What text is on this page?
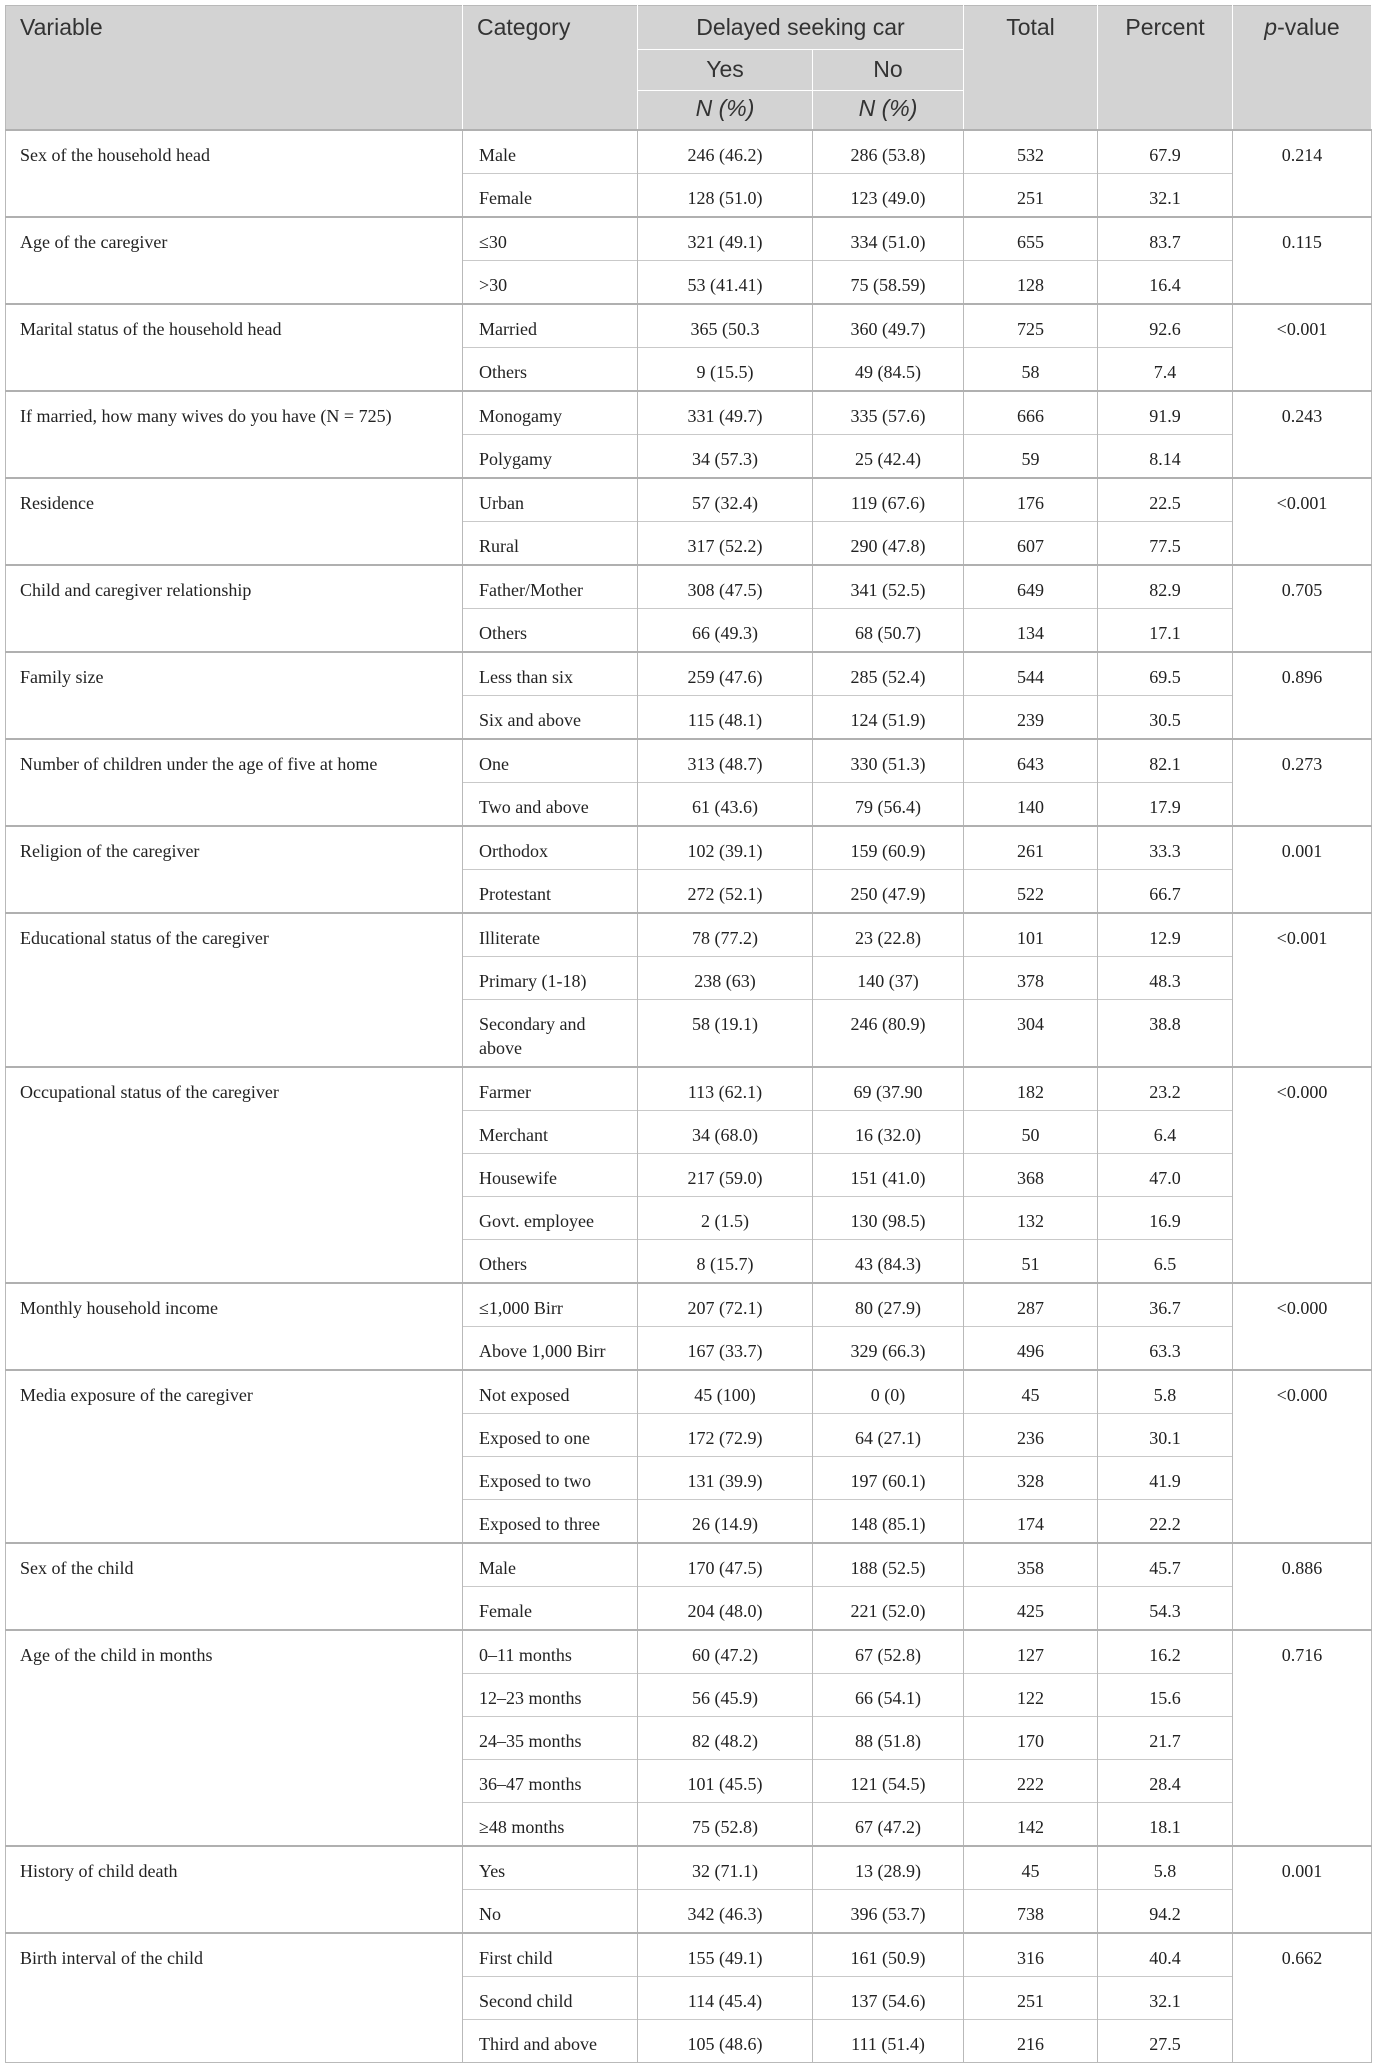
Variable	Category	Delayed seeking car		Total	Percent	p-value
		Yes	No			
		N (%)	N (%)			
Sex of the household head	Male	246 (46.2)	286 (53.8)	532	67.9	0.214
	Female	128 (51.0)	123 (49.0)	251	32.1	
Age of the caregiver	≤30	321 (49.1)	334 (51.0)	655	83.7	0.115
	>30	53 (41.41)	75 (58.59)	128	16.4	
Marital status of the household head	Married	365 (50.3	360 (49.7)	725	92.6	<0.001
	Others	9 (15.5)	49 (84.5)	58	7.4	
If married, how many wives do you have (N = 725)	Monogamy	331 (49.7)	335 (57.6)	666	91.9	0.243
	Polygamy	34 (57.3)	25 (42.4)	59	8.14	
Residence	Urban	57 (32.4)	119 (67.6)	176	22.5	<0.001
	Rural	317 (52.2)	290 (47.8)	607	77.5	
Child and caregiver relationship	Father/Mother	308 (47.5)	341 (52.5)	649	82.9	0.705
	Others	66 (49.3)	68 (50.7)	134	17.1	
Family size	Less than six	259 (47.6)	285 (52.4)	544	69.5	0.896
	Six and above	115 (48.1)	124 (51.9)	239	30.5	
Number of children under the age of five at home	One	313 (48.7)	330 (51.3)	643	82.1	0.273
	Two and above	61 (43.6)	79 (56.4)	140	17.9	
Religion of the caregiver	Orthodox	102 (39.1)	159 (60.9)	261	33.3	0.001
	Protestant	272 (52.1)	250 (47.9)	522	66.7	
Educational status of the caregiver	Illiterate	78 (77.2)	23 (22.8)	101	12.9	<0.001
	Primary (1-18)	238 (63)	140 (37)	378	48.3	
	Secondary and above	58 (19.1)	246 (80.9)	304	38.8	
Occupational status of the caregiver	Farmer	113 (62.1)	69 (37.90	182	23.2	<0.000
	Merchant	34 (68.0)	16 (32.0)	50	6.4	
	Housewife	217 (59.0)	151 (41.0)	368	47.0	
	Govt. employee	2 (1.5)	130 (98.5)	132	16.9	
	Others	8 (15.7)	43 (84.3)	51	6.5	
Monthly household income	≤1,000 Birr	207 (72.1)	80 (27.9)	287	36.7	<0.000
	Above 1,000 Birr	167 (33.7)	329 (66.3)	496	63.3	
Media exposure of the caregiver	Not exposed	45 (100)	0 (0)	45	5.8	<0.000
	Exposed to one	172 (72.9)	64 (27.1)	236	30.1	
	Exposed to two	131 (39.9)	197 (60.1)	328	41.9	
	Exposed to three	26 (14.9)	148 (85.1)	174	22.2	
Sex of the child	Male	170 (47.5)	188 (52.5)	358	45.7	0.886
	Female	204 (48.0)	221 (52.0)	425	54.3	
Age of the child in months	0–11 months	60 (47.2)	67 (52.8)	127	16.2	0.716
	12–23 months	56 (45.9)	66 (54.1)	122	15.6	
	24–35 months	82 (48.2)	88 (51.8)	170	21.7	
	36–47 months	101 (45.5)	121 (54.5)	222	28.4	
	≥48 months	75 (52.8)	67 (47.2)	142	18.1	
History of child death	Yes	32 (71.1)	13 (28.9)	45	5.8	0.001
	No	342 (46.3)	396 (53.7)	738	94.2	
Birth interval of the child	First child	155 (49.1)	161 (50.9)	316	40.4	0.662
	Second child	114 (45.4)	137 (54.6)	251	32.1	
	Third and above	105 (48.6)	111 (51.4)	216	27.5	
